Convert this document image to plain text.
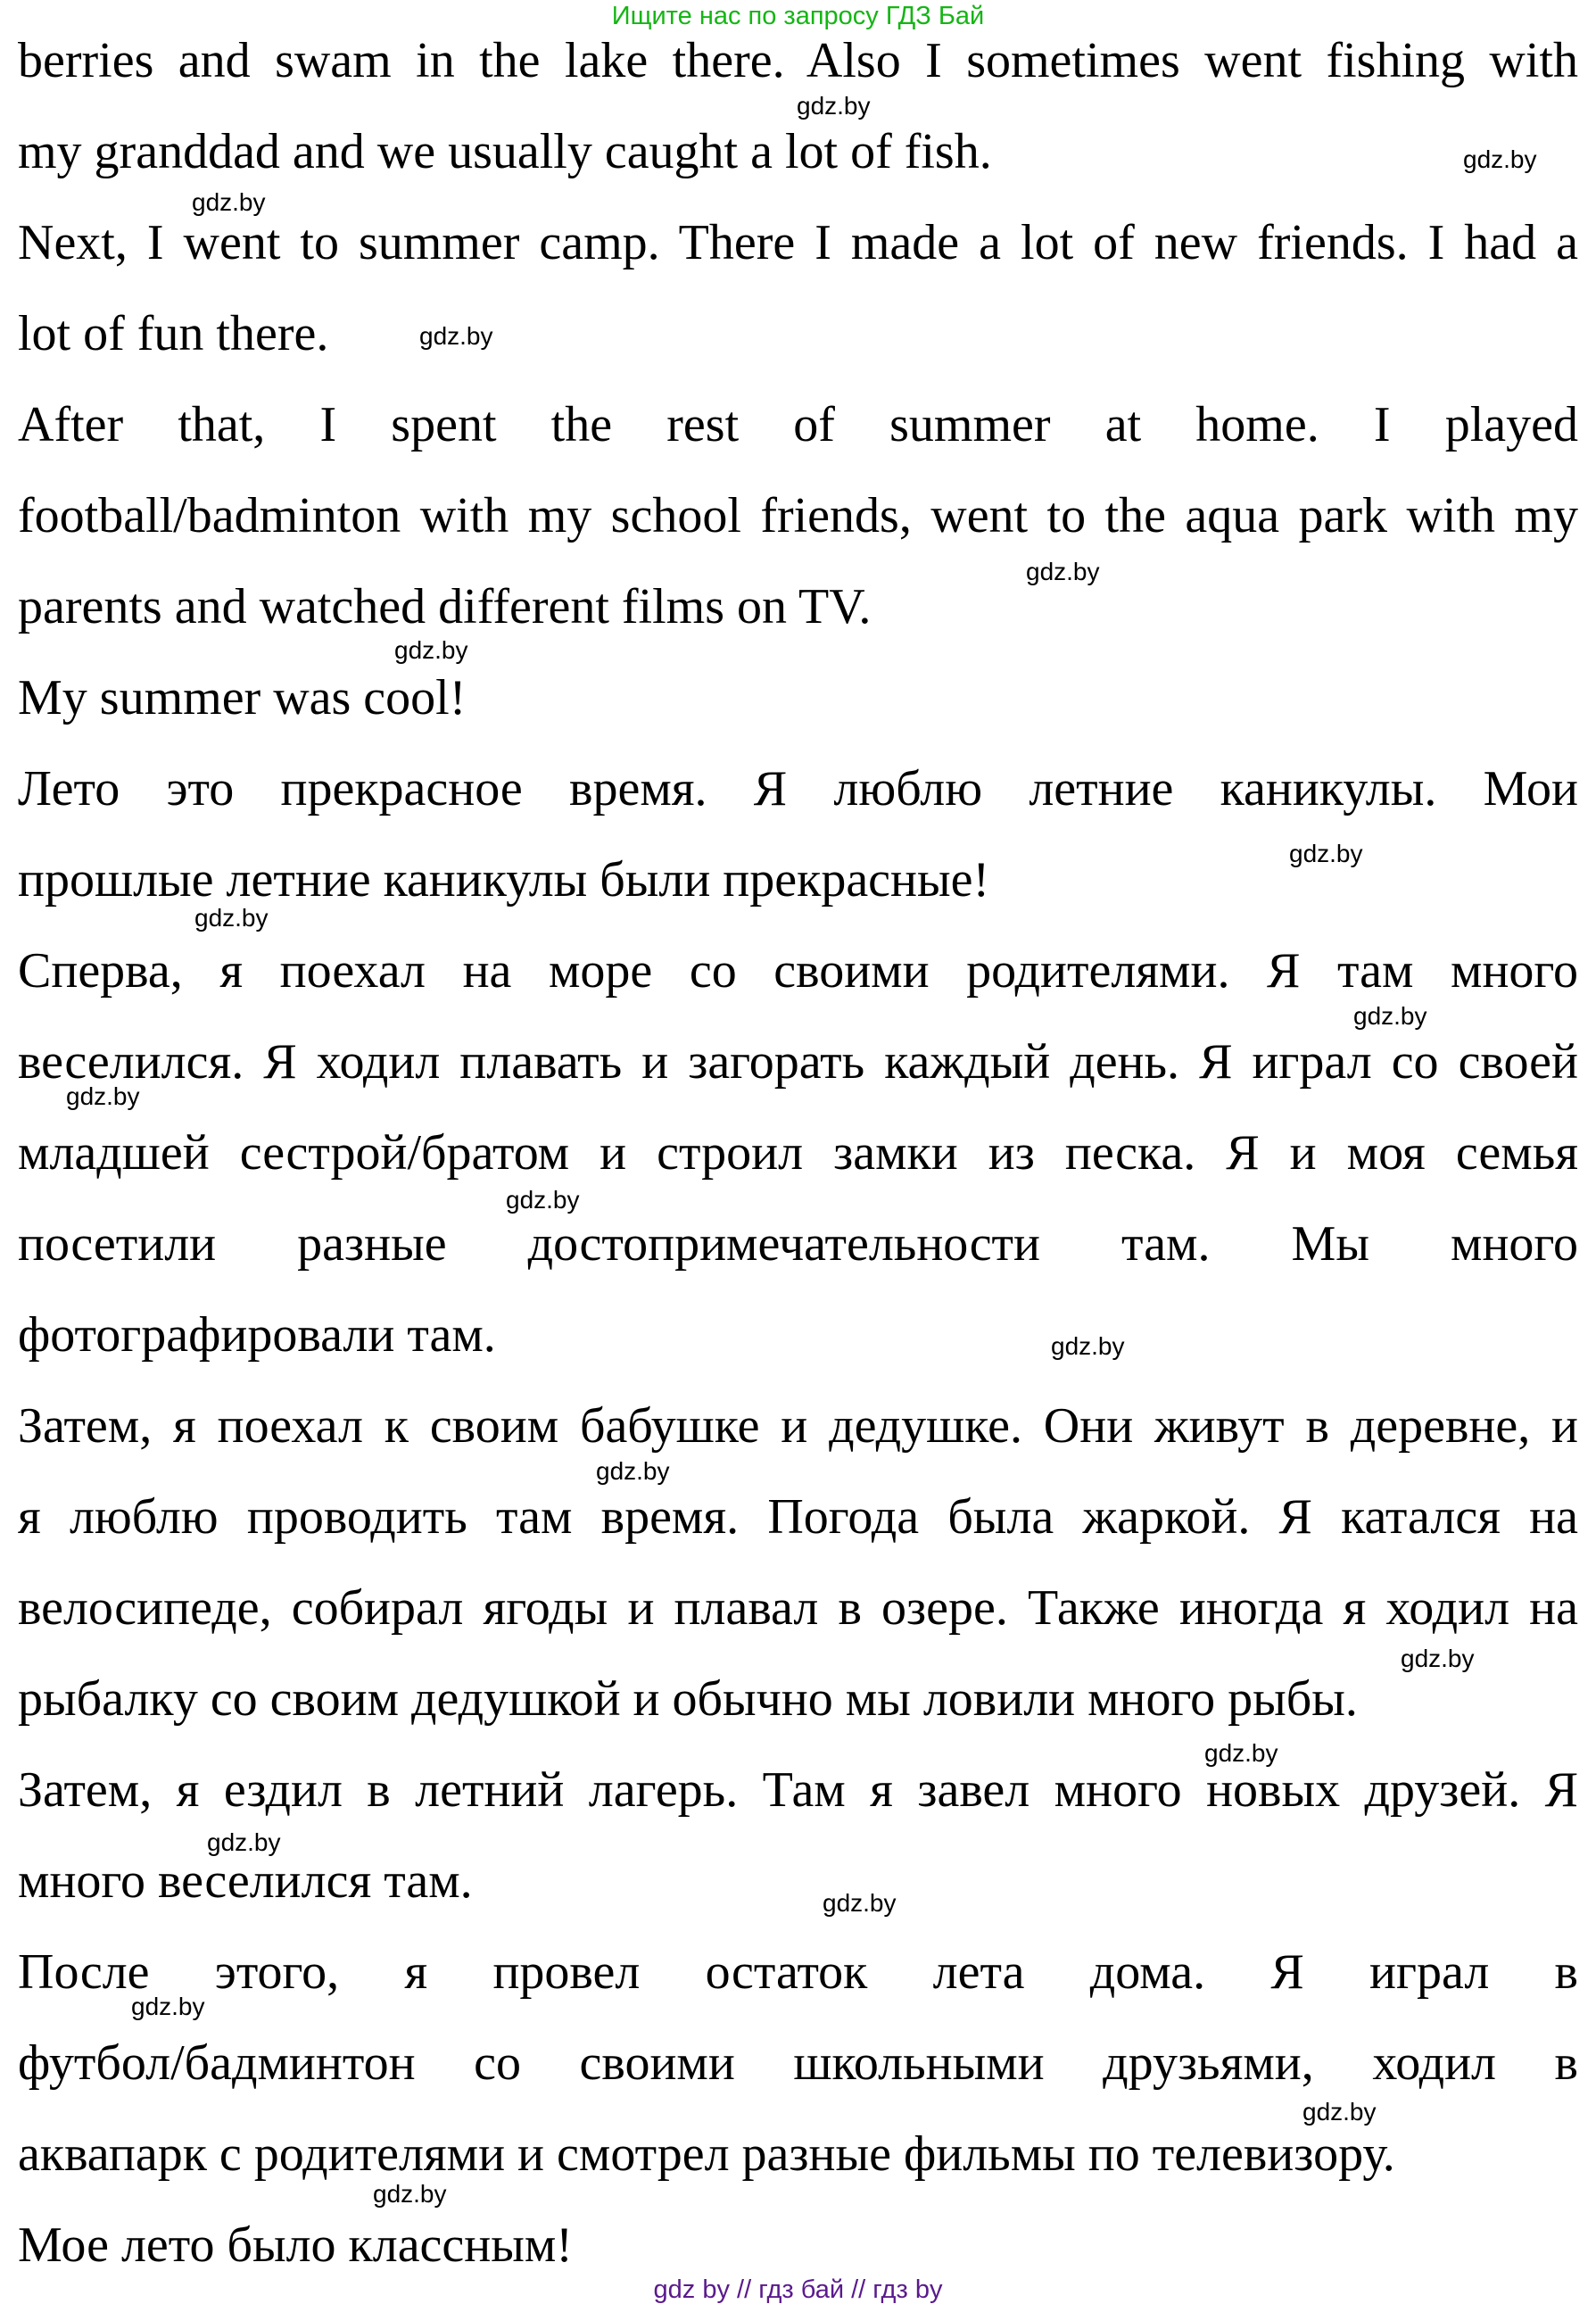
Ищите нас по запросу ГДЗ Бай
berries and swam in the lake there. Also I sometimes went fishing with
my granddad and we usually caught a lot of fish.
Next, I went to summer camp. There I made a lot of new friends. I had a
lot of fun there.
After that, I spent the rest of summer at home. I played
football/badminton with my school friends, went to the aqua park with my
parents and watched different films on TV.
My summer was cool!
Лето это прекрасное время. Я люблю летние каникулы. Мои
прошлые летние каникулы были прекрасные!
Сперва, я поехал на море со своими родителями. Я там много
веселился. Я ходил плавать и загорать каждый день. Я играл со своей
младшей сестрой/братом и строил замки из песка. Я и моя семья
посетили разные достопримечательности там. Мы много
фотографировали там.
Затем, я поехал к своим бабушке и дедушке. Они живут в деревне, и
я люблю проводить там время. Погода была жаркой. Я катался на
велосипеде, собирал ягоды и плавал в озере. Также иногда я ходил на
рыбалку со своим дедушкой и обычно мы ловили много рыбы.
Затем, я ездил в летний лагерь. Там я завел много новых друзей. Я
много веселился там.
После этого, я провел остаток лета дома. Я играл в
футбол/бадминтон со своими школьными друзьями, ходил в
аквапарк с родителями и смотрел разные фильмы по телевизору.
Мое лето было классным!
gdz.by
gdz.by
gdz.by
gdz.by
gdz.by
gdz.by
gdz.by
gdz.by
gdz.by
gdz.by
gdz.by
gdz.by
gdz.by
gdz.by
gdz.by
gdz.by
gdz.by
gdz.by
gdz.by
gdz.by
gdz by // гдз бай // гдз by
